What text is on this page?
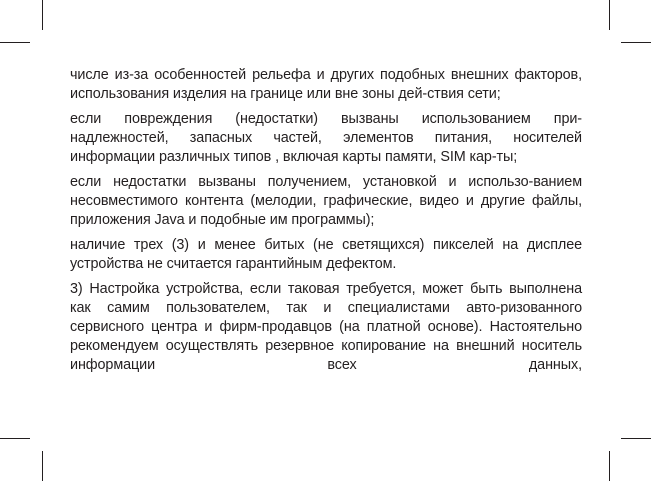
числе из-за особенностей рельефа и других подобных внешних факторов, использования изделия на границе или вне зоны дей-ствия сети;

если повреждения (недостатки) вызваны использованием при-надлежностей, запасных частей, элементов питания, носителей информации различных типов , включая карты памяти, SIM кар-ты;

если недостатки вызваны получением, установкой и использо-ванием несовместимого контента (мелодии, графические, видео и другие файлы, приложения Java и подобные им программы);

наличие трех (3) и менее битых (не светящихся) пикселей на дисплее устройства не считается гарантийным дефектом.

3) Настройка устройства, если таковая требуется, может быть выполнена как самим пользователем, так и специалистами авто-ризованного сервисного центра и фирм-продавцов (на платной основе). Настоятельно рекомендуем осуществлять резервное копирование на внешний носитель информации всех данных,
